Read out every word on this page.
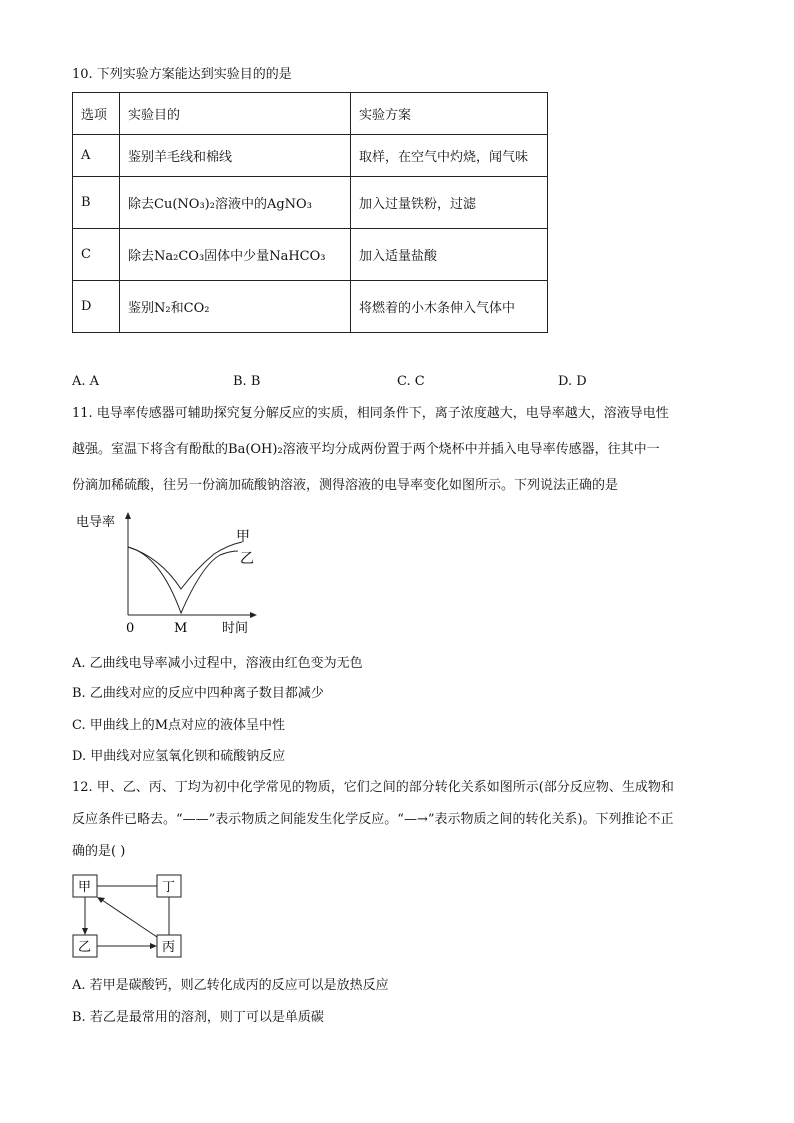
10. 下列实验方案能达到实验目的的是
选项	实验目的	实验方案
A	鉴别羊毛线和棉线	取样，在空气中灼烧，闻气味
B	除去Cu(NO₃)₂溶液中的AgNO₃	加入过量铁粉，过滤
C	除去Na₂CO₃固体中少量NaHCO₃	加入适量盐酸
D	鉴别N₂和CO₂	将燃着的小木条伸入气体中
A. A	B. B	C. C	D. D
11. 电导率传感器可辅助探究复分解反应的实质，相同条件下，离子浓度越大，电导率越大，溶液导电性
越强。室温下将含有酚酞的Ba(OH)₂溶液平均分成两份置于两个烧杯中并插入电导率传感器，往其中一
份滴加稀硫酸，往另一份滴加硫酸钠溶液，测得溶液的电导率变化如图所示。下列说法正确的是
电导率
甲
乙
0	M	时间
A. 乙曲线电导率减小过程中，溶液由红色变为无色
B. 乙曲线对应的反应中四种离子数目都减少
C. 甲曲线上的M点对应的液体呈中性
D. 甲曲线对应氢氧化钡和硫酸钠反应
12. 甲、乙、丙、丁均为初中化学常见的物质，它们之间的部分转化关系如图所示(部分反应物、生成物和
反应条件已略去。“——”表示物质之间能发生化学反应。“—→”表示物质之间的转化关系)。下列推论不正
确的是( )
甲	丁
乙	丙
A. 若甲是碳酸钙，则乙转化成丙的反应可以是放热反应
B. 若乙是最常用的溶剂，则丁可以是单质碳
